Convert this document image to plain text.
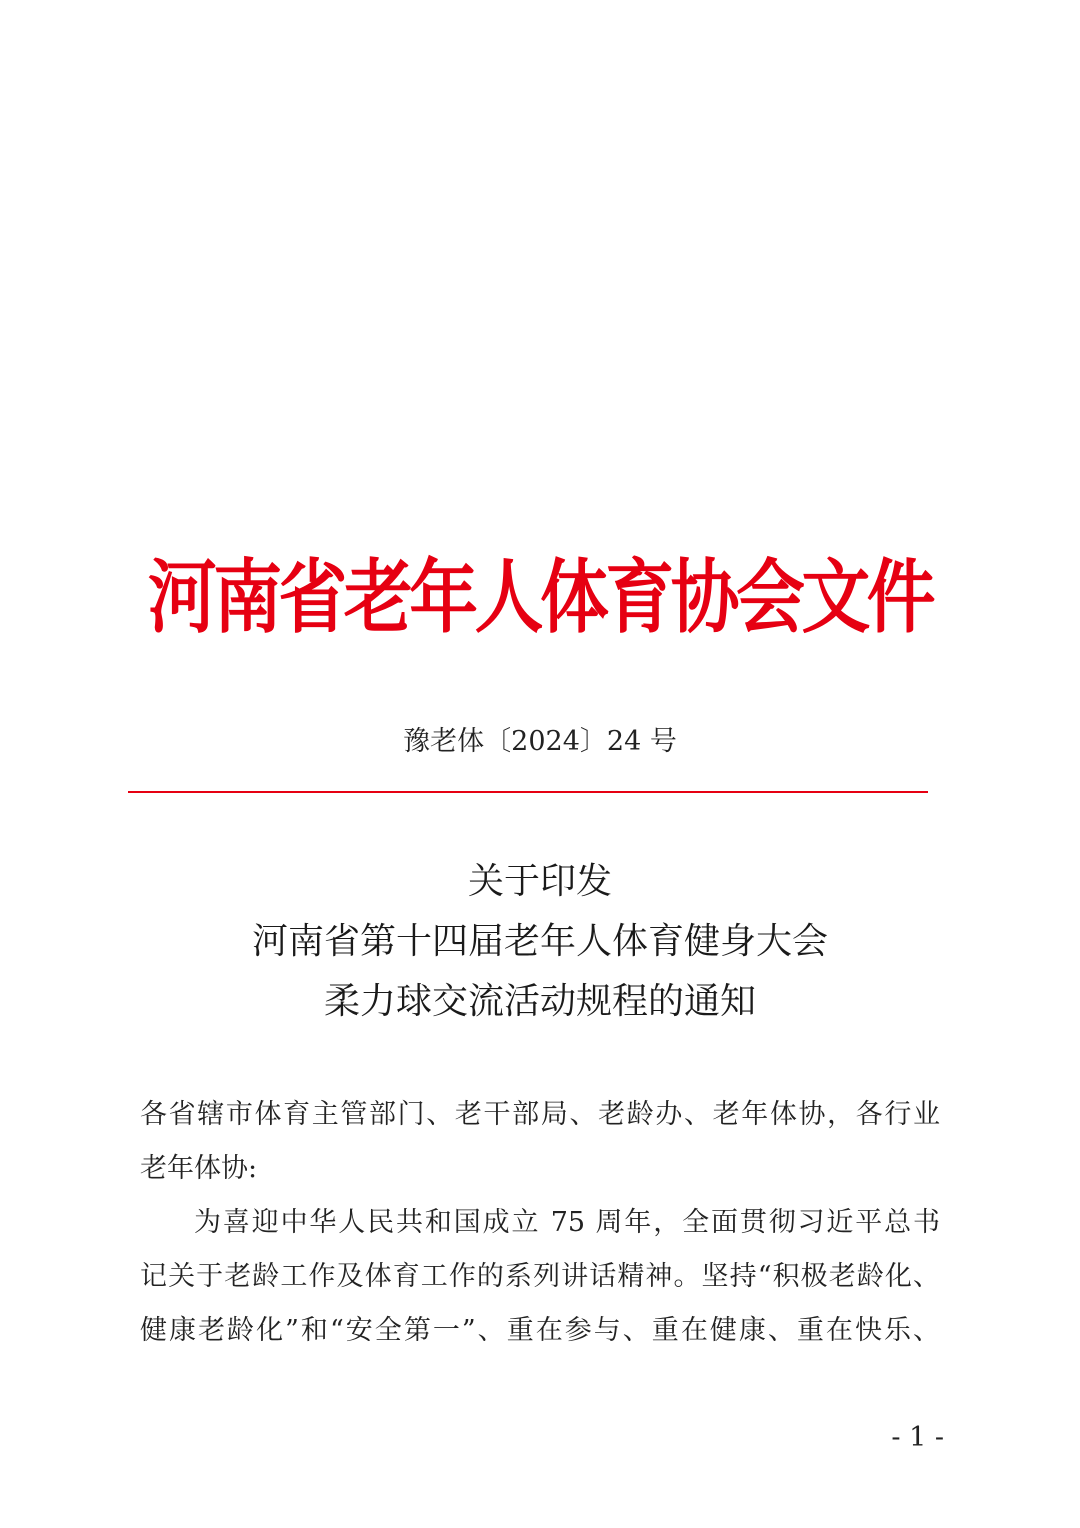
河南省老年人体育协会文件
豫老体〔2024〕24 号
关于印发
河南省第十四届老年人体育健身大会
柔力球交流活动规程的通知
各省辖市体育主管部门、老干部局、老龄办、老年体协，各行业
老年体协:
为喜迎中华人民共和国成立 75 周年，全面贯彻习近平总书
记关于老龄工作及体育工作的系列讲话精神。坚持“积极老龄化、
健康老龄化”和“安全第一”、重在参与、重在健康、重在快乐、
- 1 -
